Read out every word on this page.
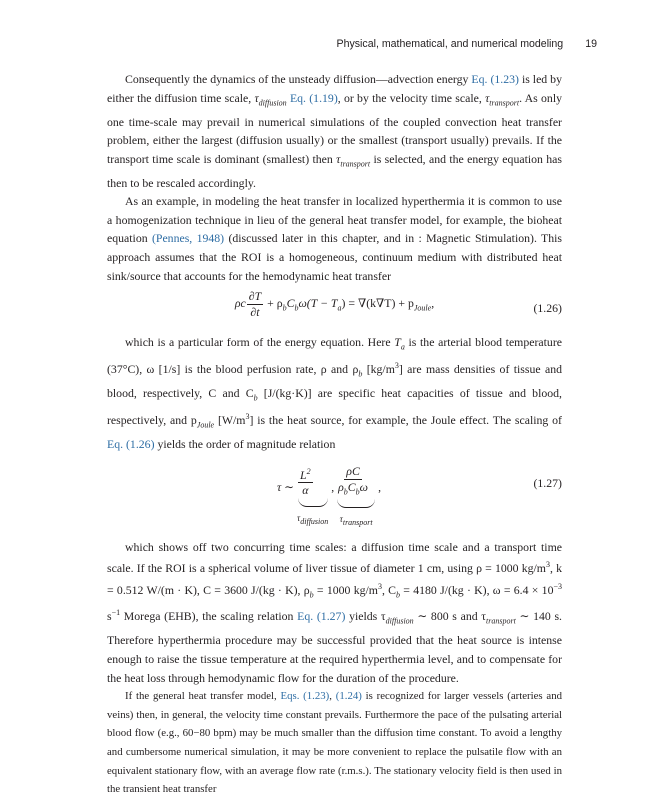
Physical, mathematical, and numerical modeling 19

Consequently the dynamics of the unsteady diffusion—advection energy Eq. (1.23) is led by either the diffusion time scale, $\tau_{diffusion}$ Eq. (1.19), or by the velocity time scale, $\tau_{transport}$. As only one time-scale may prevail in numerical simulations of the coupled convection heat transfer problem, either the largest (diffusion usually) or the smallest (transport usually) prevails. If the transport time scale is dominant (smallest) then $\tau_{transport}$ is selected, and the energy equation has then to be rescaled accordingly.

As an example, in modeling the heat transfer in localized hyperthermia it is common to use a homogenization technique in lieu of the general heat transfer model, for example, the bioheat equation (Pennes, 1948) (discussed later in this chapter, and in : Magnetic Stimulation). This approach assumes that the ROI is a homogeneous, continuum medium with distributed heat sink/source that accounts for the hemodynamic heat transfer

ρc $\frac{\partial T}{\partial t} + \rho_bC_b\omega(T - T_a) = \nabla(k\nabla T) + p_{Joule}$,	(1.26)

which is a particular form of the energy equation. Here $T_a$ is the arterial blood temperature (37°C), ω [1/s] is the blood perfusion rate, ρ and $\rho_b$ $[kg/m^3]$ are mass densities of tissue and blood, respectively, C and $C_b$ [J/(kg·K)] are specific heat capacities of tissue and blood, respectively, and $p_{Joule}$ $[W/m^3]$ is the heat source, for example, the Joule effect. The scaling of Eq. (1.26) yields the order of magnitude relation

τ ∼ $\frac{L^2}{\alpha}$
$\tau_{diffusion}$
, $\frac{\rho C}{\rho_bC_b\omega}$
$\tau_{transport}$
,	(1.27)

which shows off two concurring time scales: a diffusion time scale and a transport time scale. If the ROI is a spherical volume of liver tissue of diameter 1 cm, using ρ = 1000 $kg/m^3$, k = 0.512 W/(m · K), C = 3600 J/(kg · K), $\rho_b = 1000$ $kg/m^3$, $C_b = 4180$ J/(kg · K), $\omega = 6.4 \times 10^{-3}$ $s^{-1}$ Morega (EHB), the scaling relation Eq. (1.27) yields $\tau_{diffusion}$ ∼ 800 s and $\tau_{transport}$ ∼ 140 s. Therefore hyperthermia procedure may be successful provided that the heat source is intense enough to raise the tissue temperature at the required hyperthermia level, and to compensate for the heat loss through hemodynamic flow for the duration of the procedure.

If the general heat transfer model, Eqs. (1.23), (1.24) is recognized for larger vessels (arteries and veins) then, in general, the velocity time constant prevails. Furthermore the pace of the pulsating arterial blood flow (e.g., 60−80 bpm) may be much smaller than the diffusion time constant. To avoid a lengthy and cumbersome numerical simulation, it may be more convenient to replace the pulsatile flow with an equivalent stationary flow, with an average flow rate (r.m.s.). The stationary velocity field is then used in the transient heat transfer
